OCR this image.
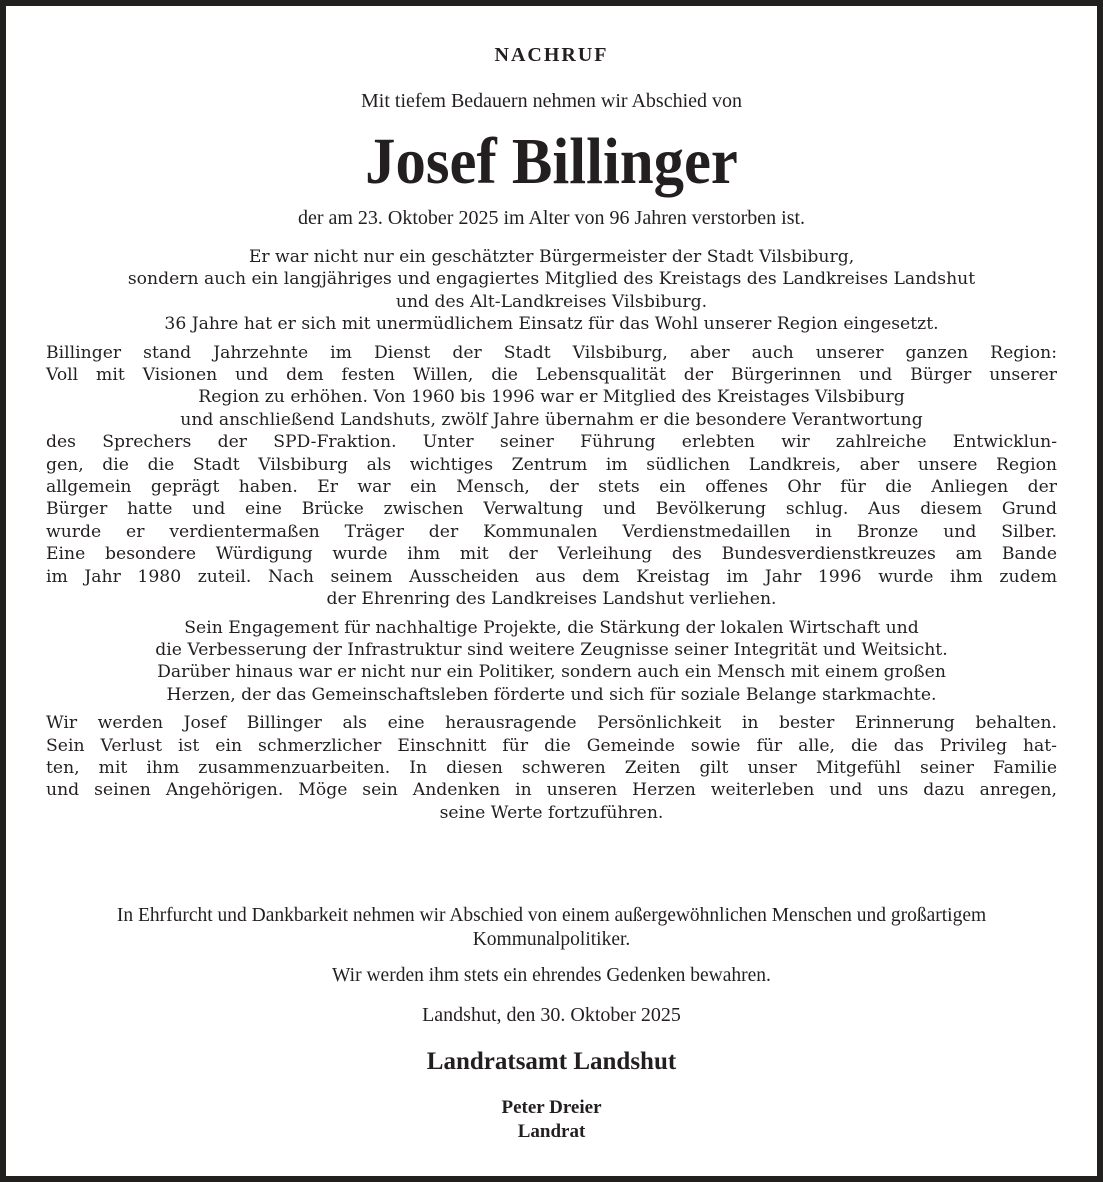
NACHRUF
Mit tiefem Bedauern nehmen wir Abschied von
Josef Billinger
der am 23. Oktober 2025 im Alter von 96 Jahren verstorben ist.

Er war nicht nur ein geschätzter Bürgermeister der Stadt Vilsbiburg,
sondern auch ein langjähriges und engagiertes Mitglied des Kreistags des Landkreises Landshut
und des Alt-Landkreises Vilsbiburg.
36 Jahre hat er sich mit unermüdlichem Einsatz für das Wohl unserer Region eingesetzt.

Billinger stand Jahrzehnte im Dienst der Stadt Vilsbiburg, aber auch unserer ganzen Region:
Voll mit Visionen und dem festen Willen, die Lebensqualität der Bürgerinnen und Bürger unserer
Region zu erhöhen. Von 1960 bis 1996 war er Mitglied des Kreistages Vilsbiburg
und anschließend Landshuts, zwölf Jahre übernahm er die besondere Verantwortung
des Sprechers der SPD-Fraktion. Unter seiner Führung erlebten wir zahlreiche Entwicklun-
gen, die die Stadt Vilsbiburg als wichtiges Zentrum im südlichen Landkreis, aber unsere Region
allgemein geprägt haben. Er war ein Mensch, der stets ein offenes Ohr für die Anliegen der
Bürger hatte und eine Brücke zwischen Verwaltung und Bevölkerung schlug. Aus diesem Grund
wurde er verdientermaßen Träger der Kommunalen Verdienstmedaillen in Bronze und Silber.
Eine besondere Würdigung wurde ihm mit der Verleihung des Bundesverdienstkreuzes am Bande
im Jahr 1980 zuteil. Nach seinem Ausscheiden aus dem Kreistag im Jahr 1996 wurde ihm zudem
der Ehrenring des Landkreises Landshut verliehen.

Sein Engagement für nachhaltige Projekte, die Stärkung der lokalen Wirtschaft und
die Verbesserung der Infrastruktur sind weitere Zeugnisse seiner Integrität und Weitsicht.
Darüber hinaus war er nicht nur ein Politiker, sondern auch ein Mensch mit einem großen
Herzen, der das Gemeinschaftsleben förderte und sich für soziale Belange starkmachte.

Wir werden Josef Billinger als eine herausragende Persönlichkeit in bester Erinnerung behalten.
Sein Verlust ist ein schmerzlicher Einschnitt für die Gemeinde sowie für alle, die das Privileg hat-
ten, mit ihm zusammenzuarbeiten. In diesen schweren Zeiten gilt unser Mitgefühl seiner Familie
und seinen Angehörigen. Möge sein Andenken in unseren Herzen weiterleben und uns dazu anregen,
seine Werte fortzuführen.

In Ehrfurcht und Dankbarkeit nehmen wir Abschied von einem außergewöhnlichen Menschen und großartigem Kommunalpolitiker.

Wir werden ihm stets ein ehrendes Gedenken bewahren.

Landshut, den 30. Oktober 2025
Landratsamt Landshut
Peter Dreier
Landrat
